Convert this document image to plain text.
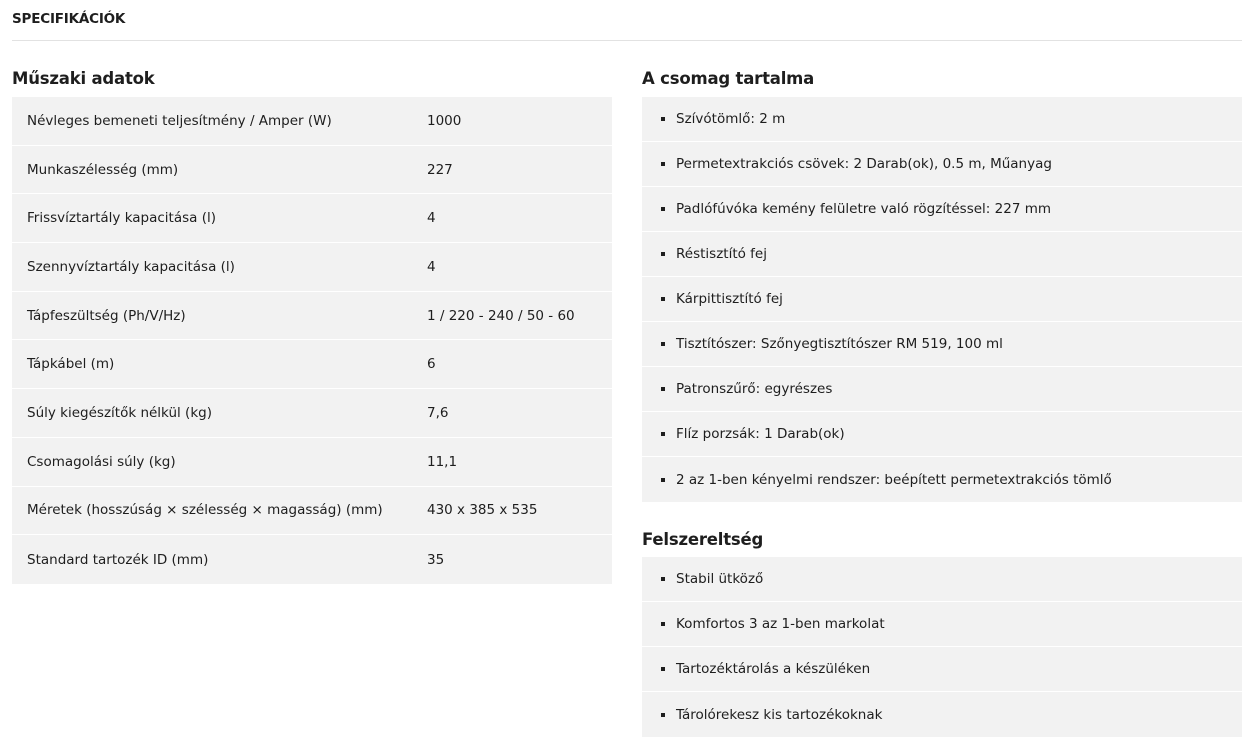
SPECIFIKÁCIÓK
Műszaki adatok
Névleges bemeneti teljesítmény / Amper (W)	1000
Munkaszélesség (mm)	227
Frissvíztartály kapacitása (l)	4
Szennyvíztartály kapacitása (l)	4
Tápfeszültség (Ph/V/Hz)	1 / 220 - 240 / 50 - 60
Tápkábel (m)	6
Súly kiegészítők nélkül (kg)	7,6
Csomagolási súly (kg)	11,1
Méretek (hosszúság × szélesség × magasság) (mm)	430 x 385 x 535
Standard tartozék ID (mm)	35
A csomag tartalma
Szívótömlő: 2 m
Permetextrakciós csövek: 2 Darab(ok), 0.5 m, Műanyag
Padlófúvóka kemény felületre való rögzítéssel: 227 mm
Réstisztító fej
Kárpittisztító fej
Tisztítószer: Szőnyegtisztítószer RM 519, 100 ml
Patronszűrő: egyrészes
Flíz porzsák: 1 Darab(ok)
2 az 1-ben kényelmi rendszer: beépített permetextrakciós tömlő
Felszereltség
Stabil ütköző
Komfortos 3 az 1-ben markolat
Tartozéktárolás a készüléken
Tárolórekesz kis tartozékoknak
